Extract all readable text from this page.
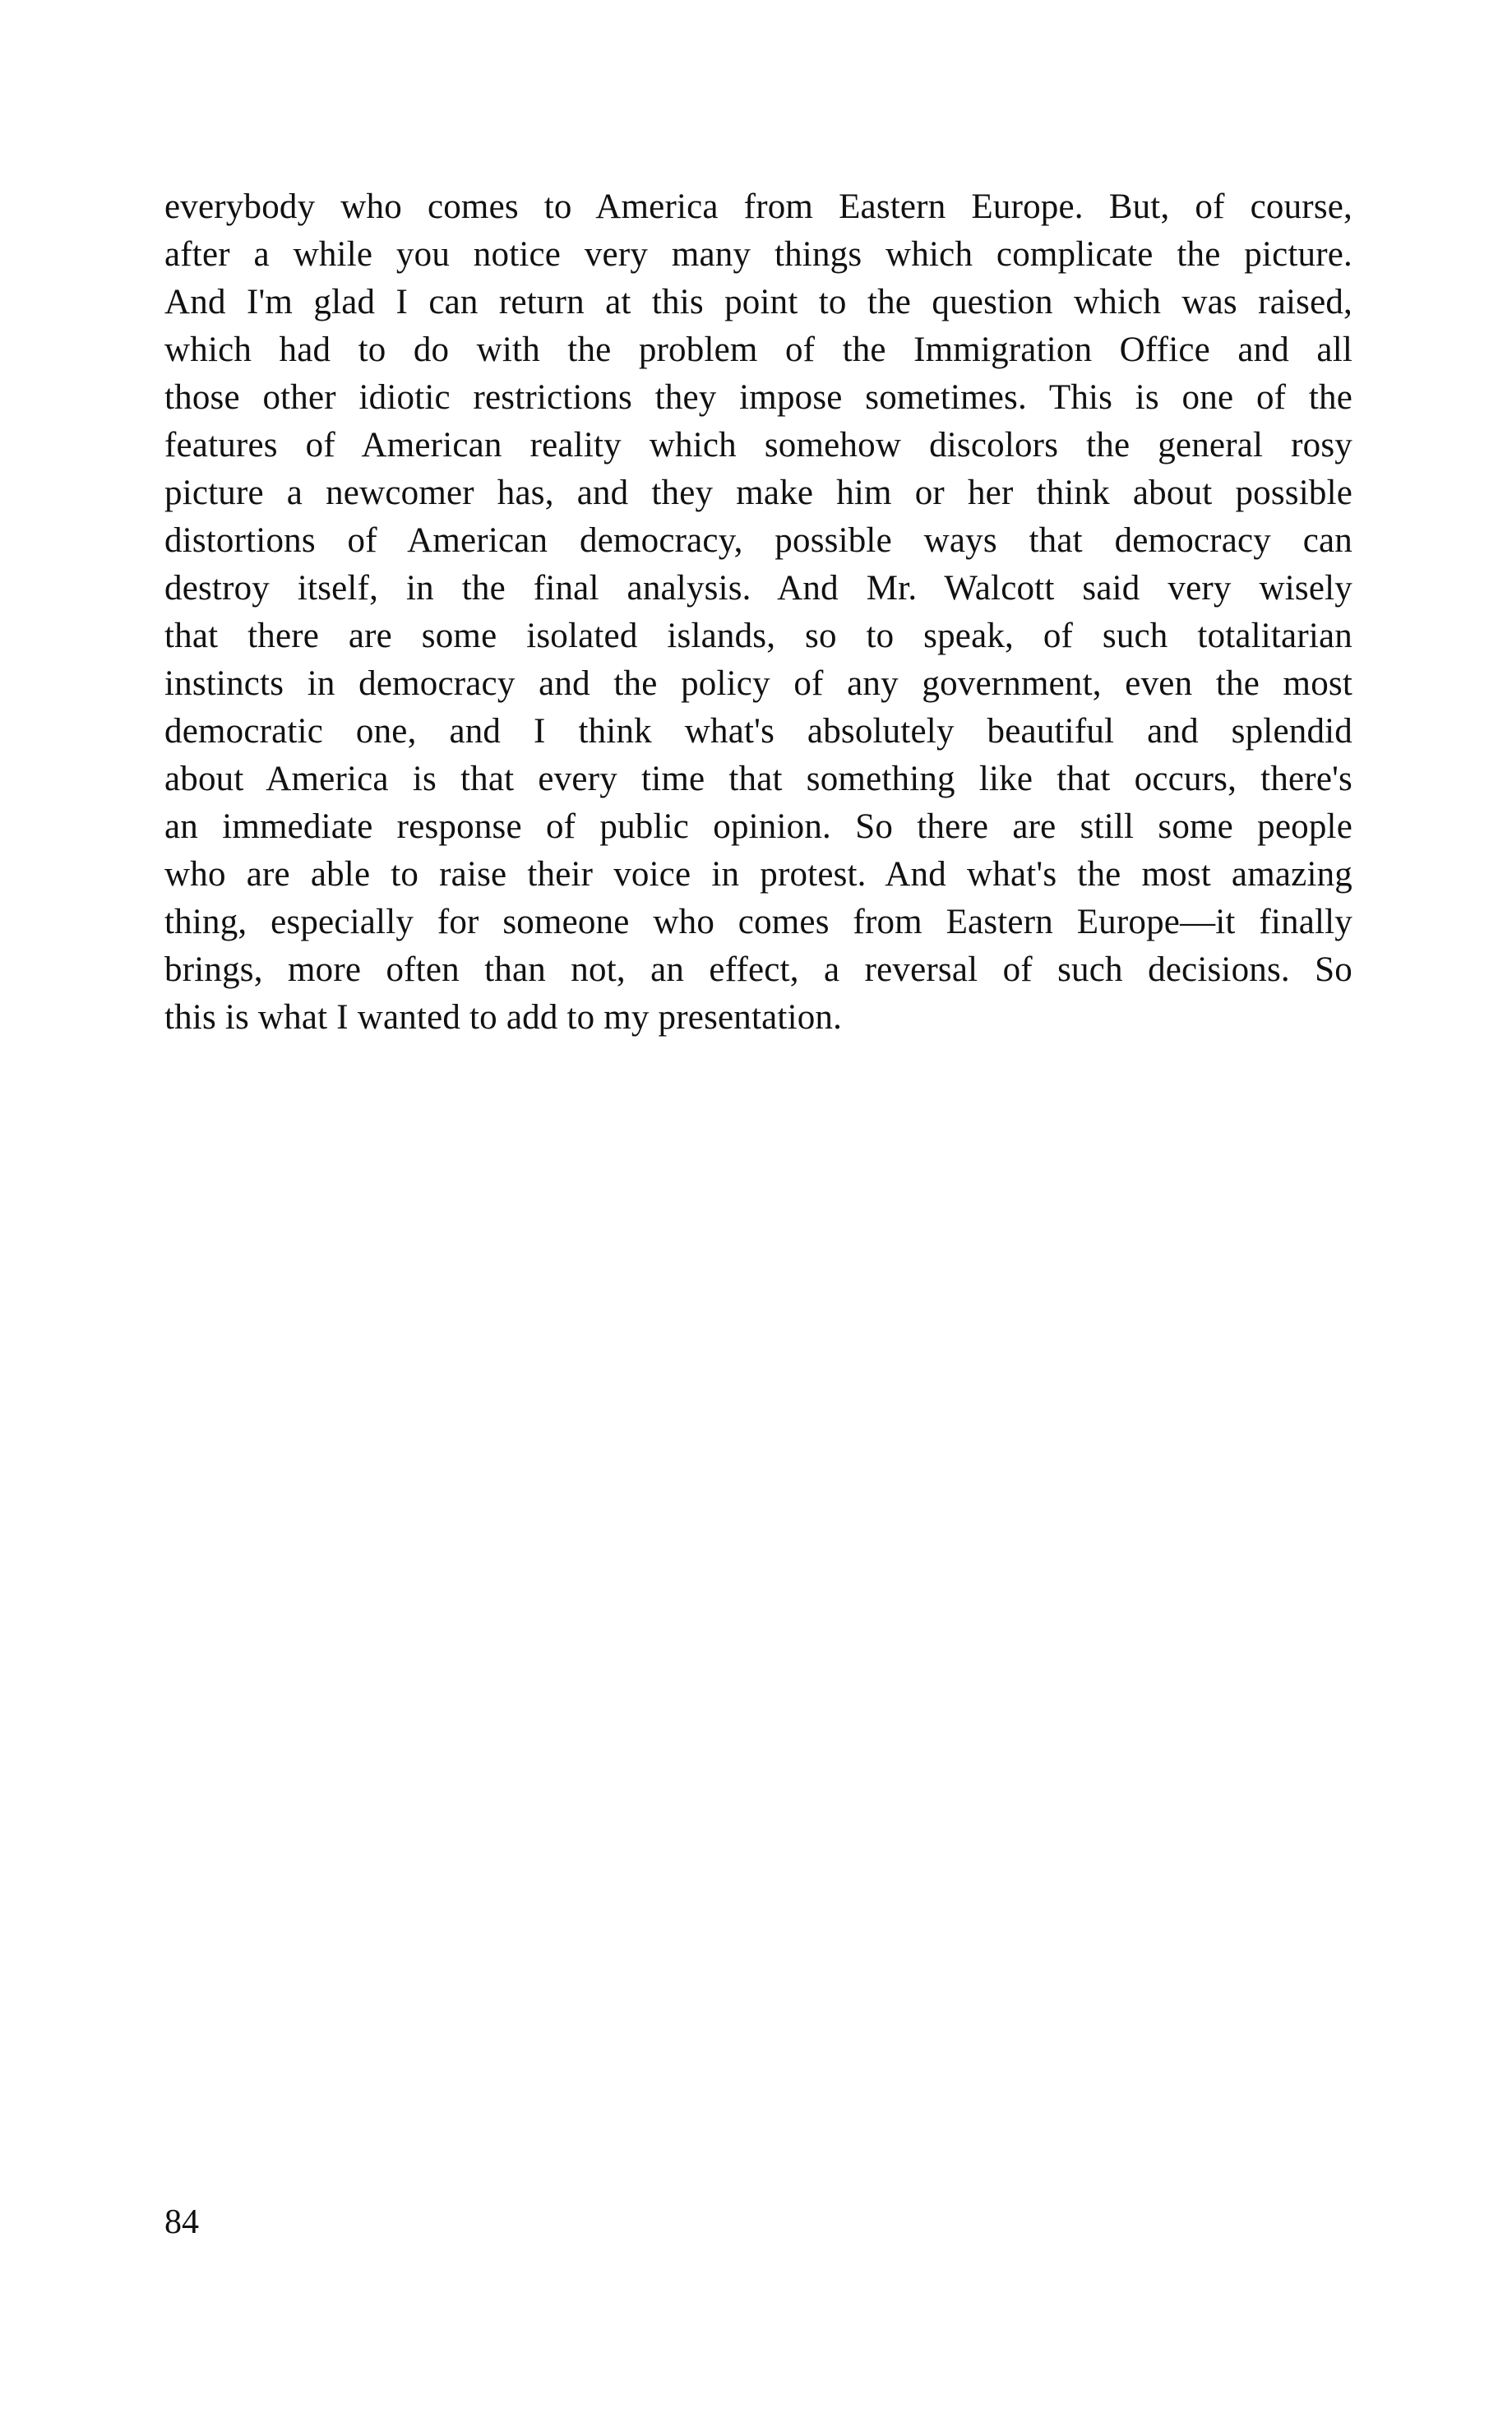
everybody who comes to America from Eastern Europe. But, of course,
after a while you notice very many things which complicate the picture.
And I'm glad I can return at this point to the question which was raised,
which had to do with the problem of the Immigration Office and all
those other idiotic restrictions they impose sometimes. This is one of the
features of American reality which somehow discolors the general rosy
picture a newcomer has, and they make him or her think about possible
distortions of American democracy, possible ways that democracy can
destroy itself, in the final analysis. And Mr. Walcott said very wisely
that there are some isolated islands, so to speak, of such totalitarian
instincts in democracy and the policy of any government, even the most
democratic one, and I think what's absolutely beautiful and splendid
about America is that every time that something like that occurs, there's
an immediate response of public opinion. So there are still some people
who are able to raise their voice in protest. And what's the most amazing
thing, especially for someone who comes from Eastern Europe—it finally
brings, more often than not, an effect, a reversal of such decisions. So
this is what I wanted to add to my presentation.
84
